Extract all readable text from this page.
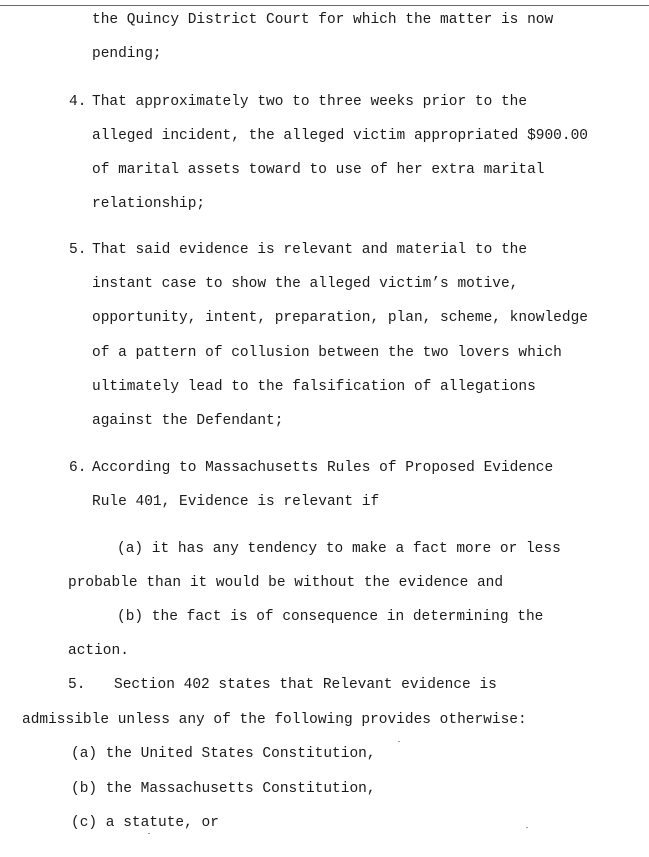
the Quincy District Court for which the matter is now
pending;
4. That approximately two to three weeks prior to the
alleged incident, the alleged victim appropriated $900.00
of marital assets toward to use of her extra marital
relationship;
5. That said evidence is relevant and material to the
instant case to show the alleged victim’s motive,
opportunity, intent, preparation, plan, scheme, knowledge
of a pattern of collusion between the two lovers which
ultimately lead to the falsification of allegations
against the Defendant;
6. According to Massachusetts Rules of Proposed Evidence
Rule 401, Evidence is relevant if
(a) it has any tendency to make a fact more or less
probable than it would be without the evidence and
(b) the fact is of consequence in determining the
action.
5. Section 402 states that Relevant evidence is
admissible unless any of the following provides otherwise:
(a) the United States Constitution,
(b) the Massachusetts Constitution,
(c) a statute, or
